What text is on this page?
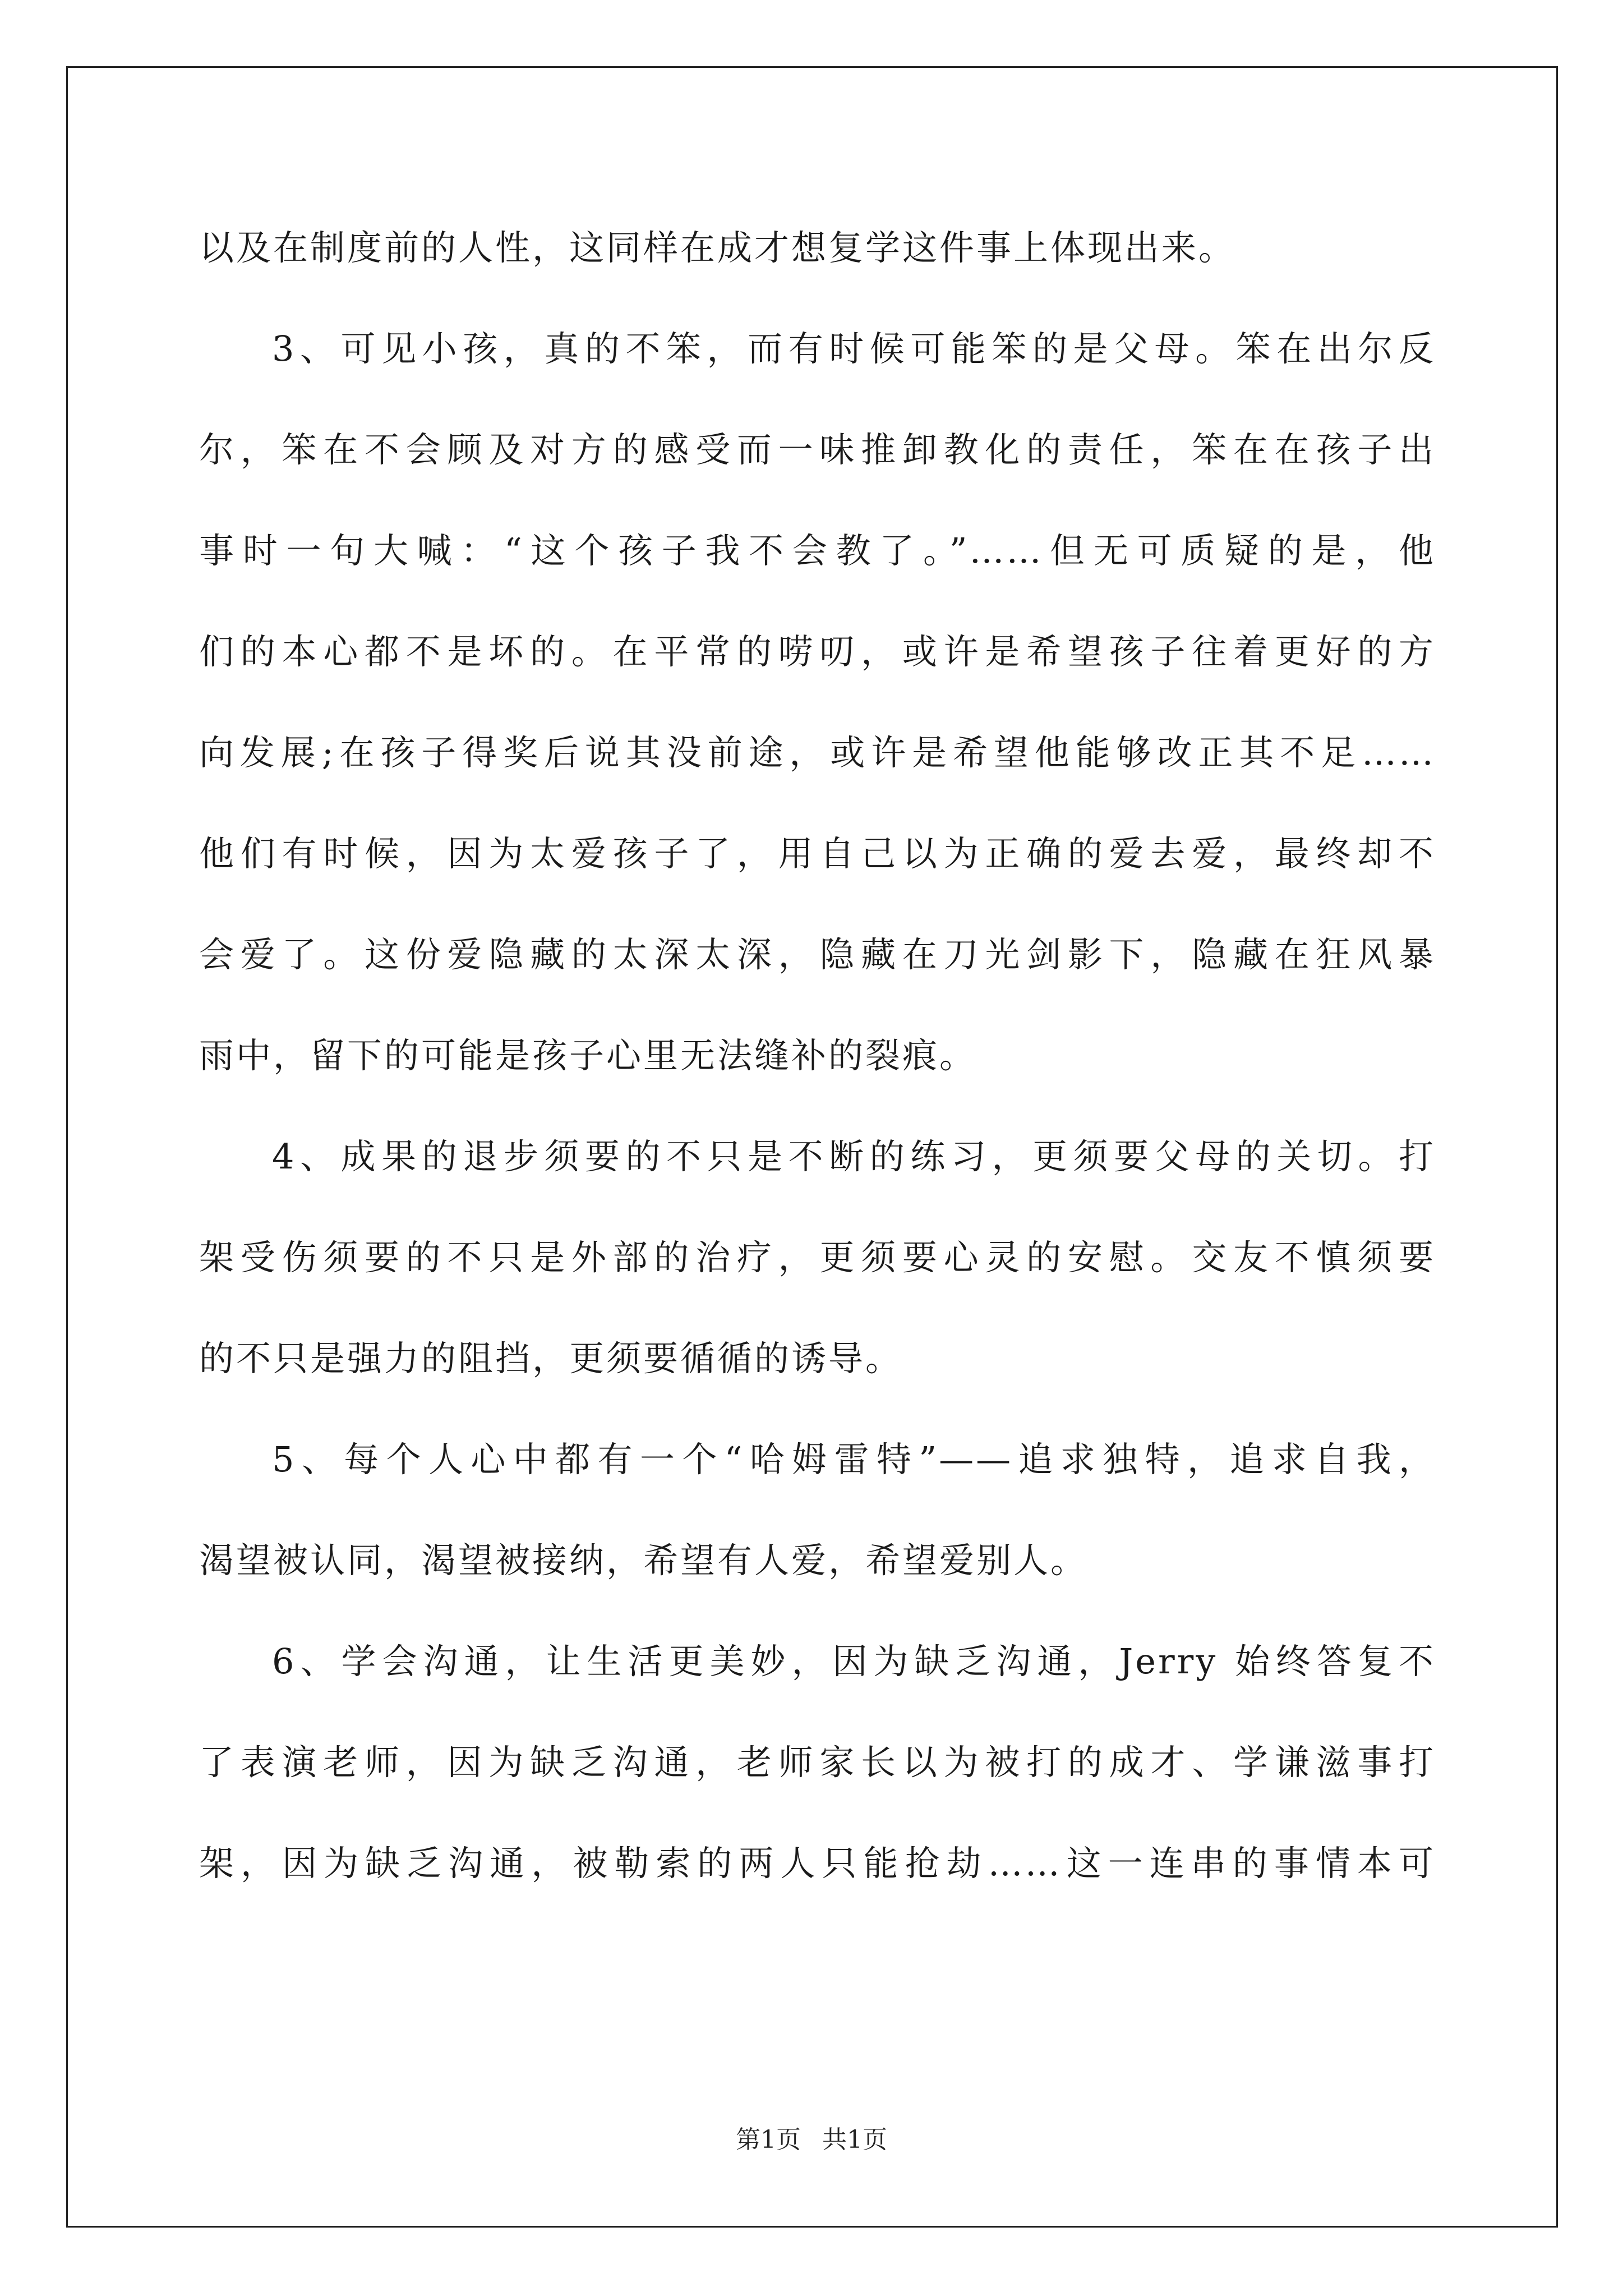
以及在制度前的人性，这同样在成才想复学这件事上体现出来。
3、可见小孩，真的不笨，而有时候可能笨的是父母。笨在出尔反
尔，笨在不会顾及对方的感受而一味推卸教化的责任，笨在在孩子出
事时一句大喊：“这个孩子我不会教了。”……但无可质疑的是，他
们的本心都不是坏的。在平常的唠叨，或许是希望孩子往着更好的方
向发展;在孩子得奖后说其没前途，或许是希望他能够改正其不足……
他们有时候，因为太爱孩子了，用自己以为正确的爱去爱，最终却不
会爱了。这份爱隐藏的太深太深，隐藏在刀光剑影下，隐藏在狂风暴
雨中，留下的可能是孩子心里无法缝补的裂痕。
4、成果的退步须要的不只是不断的练习，更须要父母的关切。打
架受伤须要的不只是外部的治疗，更须要心灵的安慰。交友不慎须要
的不只是强力的阻挡，更须要循循的诱导。
5、每个人心中都有一个“哈姆雷特”——追求独特，追求自我，
渴望被认同，渴望被接纳，希望有人爱，希望爱别人。
6、学会沟通，让生活更美妙，因为缺乏沟通，Jerry 始终答复不
了表演老师，因为缺乏沟通，老师家长以为被打的成才、学谦滋事打
架，因为缺乏沟通，被勒索的两人只能抢劫……这一连串的事情本可
第1页 共1页
